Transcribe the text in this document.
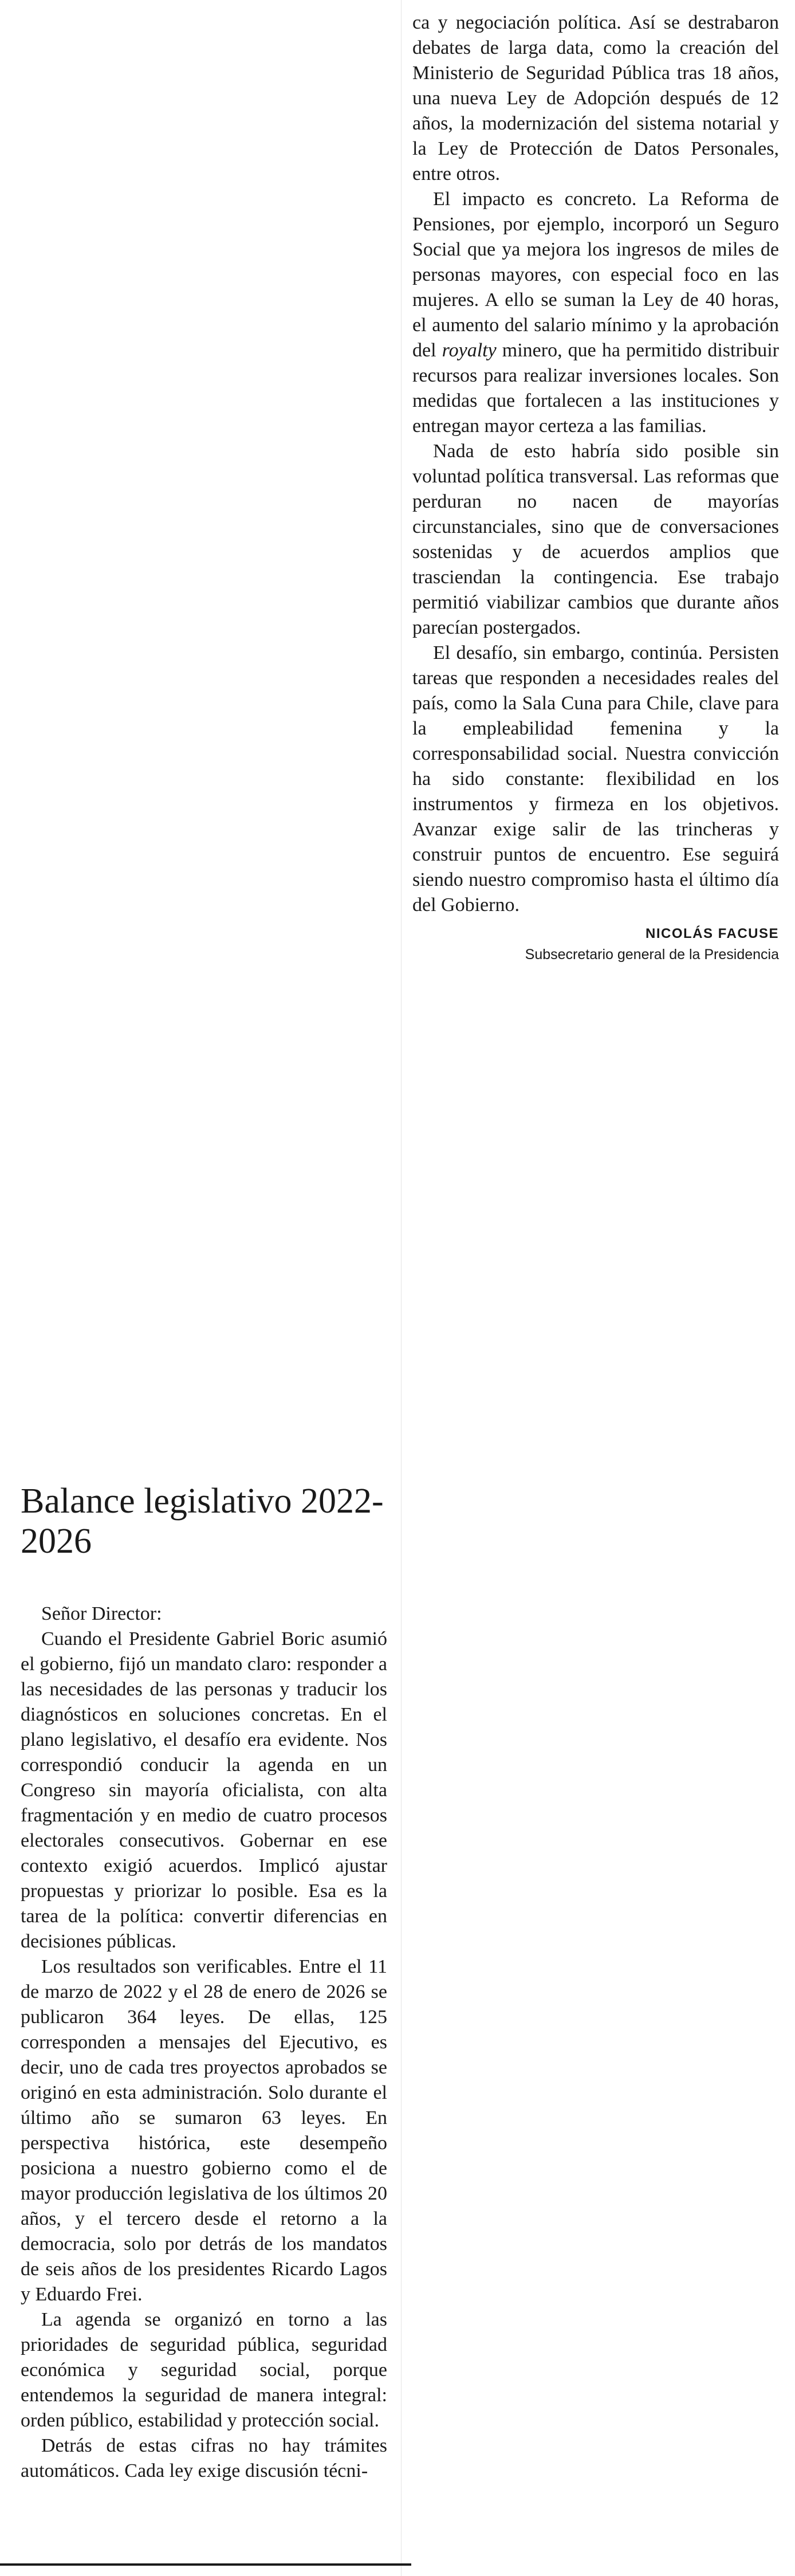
ca y negociación política. Así se destrabaron debates de larga data, como la creación del Ministerio de Seguridad Pública tras 18 años, una nueva Ley de Adopción después de 12 años, la modernización del sistema notarial y la Ley de Protección de Datos Personales, entre otros.

El impacto es concreto. La Reforma de Pensiones, por ejemplo, incorporó un Seguro Social que ya mejora los ingresos de miles de personas mayores, con especial foco en las mujeres. A ello se suman la Ley de 40 horas, el aumento del salario mínimo y la aprobación del royalty minero, que ha permitido distribuir recursos para realizar inversiones locales. Son medidas que fortalecen a las instituciones y entregan mayor certeza a las familias.

Nada de esto habría sido posible sin voluntad política transversal. Las reformas que perduran no nacen de mayorías circunstanciales, sino que de conversaciones sostenidas y de acuerdos amplios que trasciendan la contingencia. Ese trabajo permitió viabilizar cambios que durante años parecían postergados.

El desafío, sin embargo, continúa. Persisten tareas que responden a necesidades reales del país, como la Sala Cuna para Chile, clave para la empleabilidad femenina y la corresponsabilidad social. Nuestra convicción ha sido constante: flexibilidad en los instrumentos y firmeza en los objetivos. Avanzar exige salir de las trincheras y construir puntos de encuentro. Ese seguirá siendo nuestro compromiso hasta el último día del Gobierno.

NICOLÁS FACUSE
Subsecretario general de la Presidencia
Balance legislativo 2022-2026

Señor Director:

Cuando el Presidente Gabriel Boric asumió el gobierno, fijó un mandato claro: responder a las necesidades de las personas y traducir los diagnósticos en soluciones concretas. En el plano legislativo, el desafío era evidente. Nos correspondió conducir la agenda en un Congreso sin mayoría oficialista, con alta fragmentación y en medio de cuatro procesos electorales consecutivos. Gobernar en ese contexto exigió acuerdos. Implicó ajustar propuestas y priorizar lo posible. Esa es la tarea de la política: convertir diferencias en decisiones públicas.

Los resultados son verificables. Entre el 11 de marzo de 2022 y el 28 de enero de 2026 se publicaron 364 leyes. De ellas, 125 corresponden a mensajes del Ejecutivo, es decir, uno de cada tres proyectos aprobados se originó en esta administración. Solo durante el último año se sumaron 63 leyes. En perspectiva histórica, este desempeño posiciona a nuestro gobierno como el de mayor producción legislativa de los últimos 20 años, y el tercero desde el retorno a la democracia, solo por detrás de los mandatos de seis años de los presidentes Ricardo Lagos y Eduardo Frei.

La agenda se organizó en torno a las prioridades de seguridad pública, seguridad económica y seguridad social, porque entendemos la seguridad de manera integral: orden público, estabilidad y protección social.

Detrás de estas cifras no hay trámites automáticos. Cada ley exige discusión técni-
